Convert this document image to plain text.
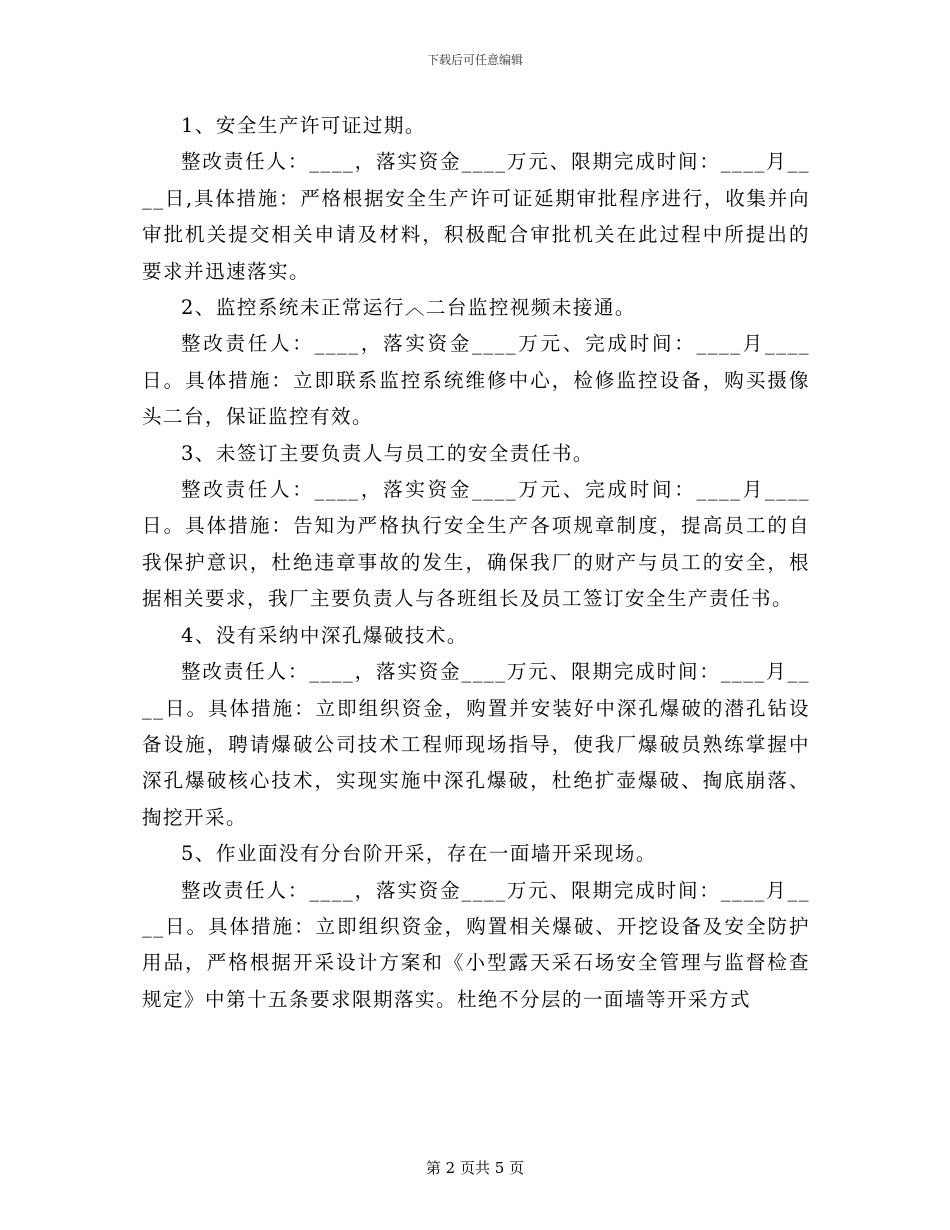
下载后可任意编辑

1、安全生产许可证过期。

整改责任人：____，落实资金____万元、限期完成时间：____月____日,具体措施：严格根据安全生产许可证延期审批程序进行，收集并向审批机关提交相关申请及材料，积极配合审批机关在此过程中所提出的要求并迅速落实。

2、监控系统未正常运行︿二台监控视频未接通。

整改责任人：____，落实资金____万元、完成时间：____月____日。具体措施：立即联系监控系统维修中心，检修监控设备，购买摄像头二台，保证监控有效。

3、未签订主要负责人与员工的安全责任书。

整改责任人：____，落实资金____万元、完成时间：____月____日。具体措施：告知为严格执行安全生产各项规章制度，提高员工的自我保护意识，杜绝违章事故的发生，确保我厂的财产与员工的安全，根据相关要求，我厂主要负责人与各班组长及员工签订安全生产责任书。

4、没有采纳中深孔爆破技术。

整改责任人：____，落实资金____万元、限期完成时间：____月____日。具体措施：立即组织资金，购置并安装好中深孔爆破的潜孔钻设备设施，聘请爆破公司技术工程师现场指导，使我厂爆破员熟练掌握中深孔爆破核心技术，实现实施中深孔爆破，杜绝扩壶爆破、掏底崩落、掏挖开采。

5、作业面没有分台阶开采，存在一面墙开采现场。

整改责任人：____，落实资金____万元、限期完成时间：____月____日。具体措施：立即组织资金，购置相关爆破、开挖设备及安全防护用品，严格根据开采设计方案和《小型露天采石场安全管理与监督检查规定》中第十五条要求限期落实。杜绝不分层的一面墙等开采方式

第 2 页共 5 页
